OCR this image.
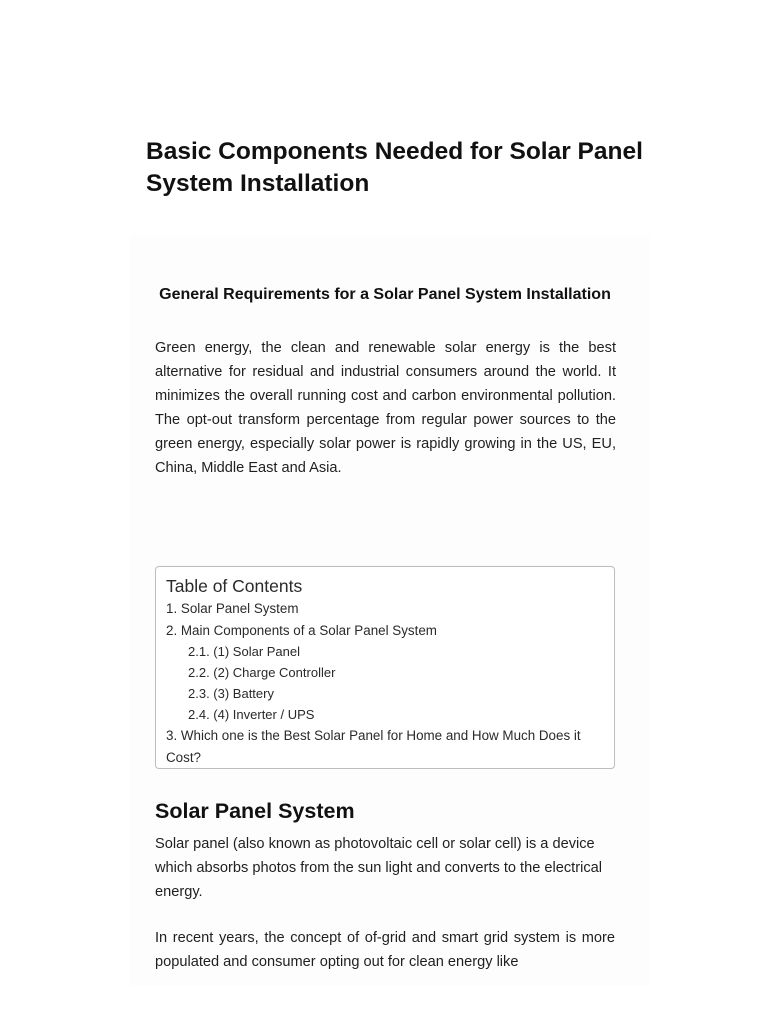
Basic Components Needed for Solar Panel System Installation
General Requirements for a Solar Panel System Installation

Green energy, the clean and renewable solar energy is the best alternative for residual and industrial consumers around the world. It minimizes the overall running cost and carbon environmental pollution. The opt-out transform percentage from regular power sources to the green energy, especially solar power is rapidly growing in the US, EU, China, Middle East and Asia.

Table of Contents
1. Solar Panel System
2. Main Components of a Solar Panel System
2.1. (1) Solar Panel
2.2. (2) Charge Controller
2.3. (3) Battery
2.4. (4) Inverter / UPS
3. Which one is the Best Solar Panel for Home and How Much Does it Cost?
Solar Panel System

Solar panel (also known as photovoltaic cell or solar cell) is a device which absorbs photos from the sun light and converts to the electrical energy.

In recent years, the concept of of-grid and smart grid system is more populated and consumer opting out for clean energy like
